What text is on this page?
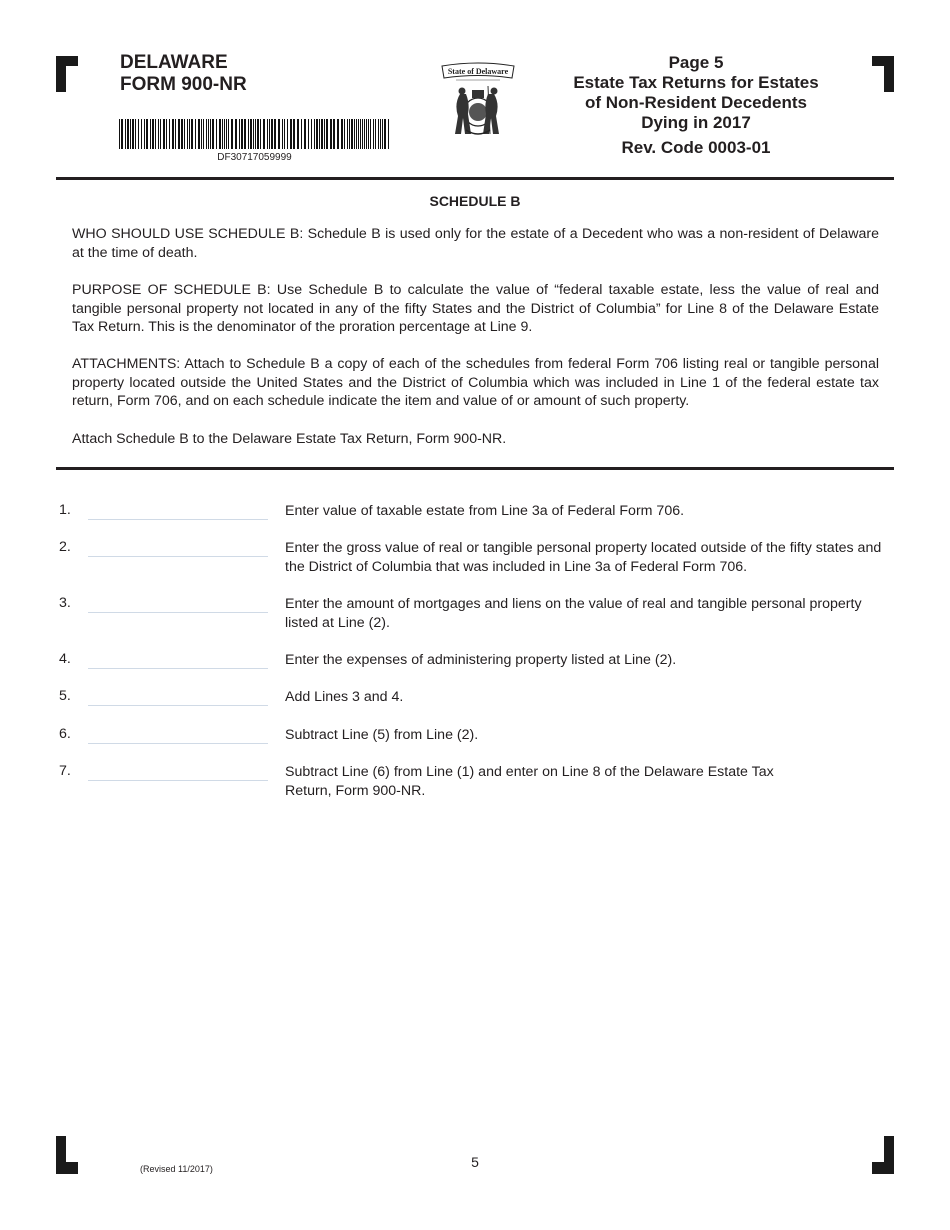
DELAWARE
FORM 900-NR
DF30717059999
State of Delaware	Page 5
Estate Tax Returns for Estates
of Non-Resident Decedents
Dying in 2017
Rev. Code 0003-01
SCHEDULE B
WHO SHOULD USE SCHEDULE B: Schedule B is used only for the estate of a Decedent who was a non-resident of Delaware at the time of death.
PURPOSE OF SCHEDULE B: Use Schedule B to calculate the value of “federal taxable estate, less the value of real and tangible personal property not located in any of the fifty States and the District of Columbia” for Line 8 of the Delaware Estate Tax Return. This is the denominator of the proration percentage at Line 9.
ATTACHMENTS: Attach to Schedule B a copy of each of the schedules from federal Form 706 listing real or tangible personal property located outside the United States and the District of Columbia which was included in Line 1 of the federal estate tax return, Form 706, and on each schedule indicate the item and value of or amount of such property.
Attach Schedule B to the Delaware Estate Tax Return, Form 900-NR.
1.	Enter value of taxable estate from Line 3a of Federal Form 706.
2.	Enter the gross value of real or tangible personal property located outside of the fifty states and the District of Columbia that was included in Line 3a of Federal Form 706.
3.	Enter the amount of mortgages and liens on the value of real and tangible personal property listed at Line (2).
4.	Enter the expenses of administering property listed at Line (2).
5.	Add Lines 3 and 4.
6.	Subtract Line (5) from Line (2).
7.	Subtract Line (6) from Line (1) and enter on Line 8 of the Delaware Estate Tax Return, Form 900-NR.
(Revised 11/2017)	5
